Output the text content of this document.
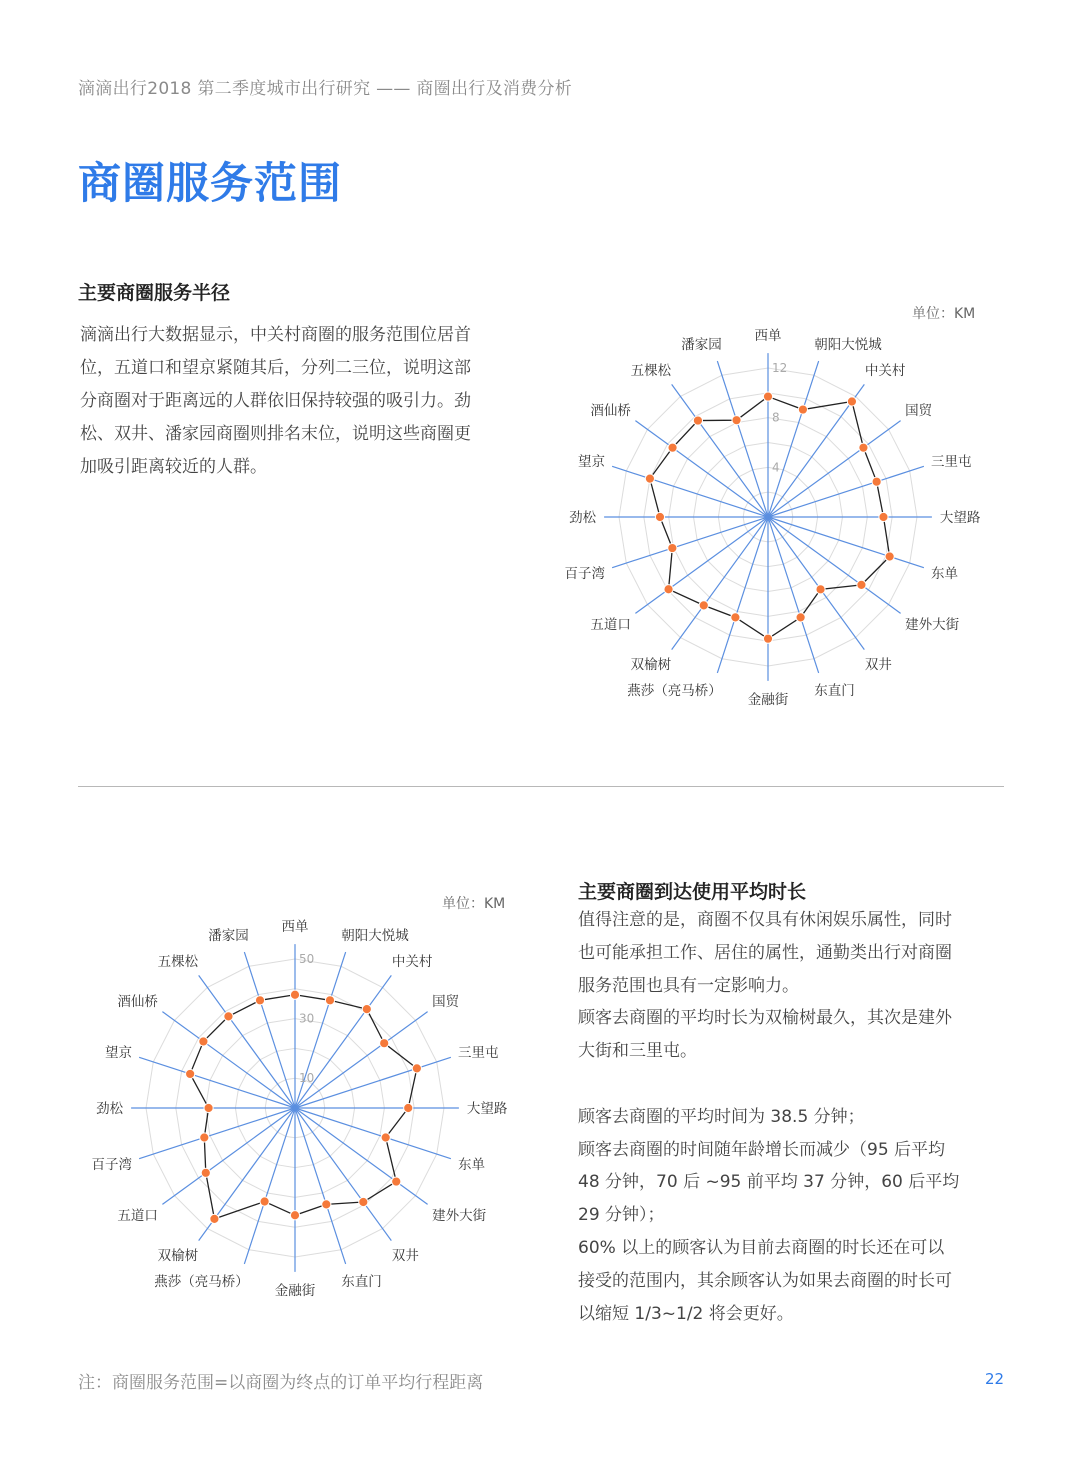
滴滴出行2018 第二季度城市出行研究 —— 商圈出行及消费分析
商圈服务范围
主要商圈服务半径

滴滴出行大数据显示，中关村商圈的服务范围位居首

位，五道口和望京紧随其后，分列二三位，说明这部

分商圈对于距离远的人群依旧保持较强的吸引力。劲

松、双井、潘家园商圈则排名末位，说明这些商圈更

加吸引距离较近的人群。

单位：KM
4
8
12
西单
朝阳大悦城
中关村
国贸
三里屯
大望路
东单
建外大街
双井
东直门
金融街
燕莎（亮马桥）
双榆树
五道口
百子湾
劲松
望京
酒仙桥
五棵松
潘家园
单位：KM
10
30
50
西单
朝阳大悦城
中关村
国贸
三里屯
大望路
东单
建外大街
双井
东直门
金融街
燕莎（亮马桥）
双榆树
五道口
百子湾
劲松
望京
酒仙桥
五棵松
潘家园
主要商圈到达使用平均时长

值得注意的是，商圈不仅具有休闲娱乐属性，同时

也可能承担工作、居住的属性，通勤类出行对商圈

服务范围也具有一定影响力。

顾客去商圈的平均时长为双榆树最久，其次是建外

大街和三里屯。

顾客去商圈的平均时间为 38.5 分钟；

顾客去商圈的时间随年龄增长而减少（95 后平均

48 分钟，70 后 ~95 前平均 37 分钟，60 后平均

29 分钟）；

60% 以上的顾客认为目前去商圈的时长还在可以

接受的范围内，其余顾客认为如果去商圈的时长可

以缩短 1/3~1/2 将会更好。

注：商圈服务范围=以商圈为终点的订单平均行程距离	22
